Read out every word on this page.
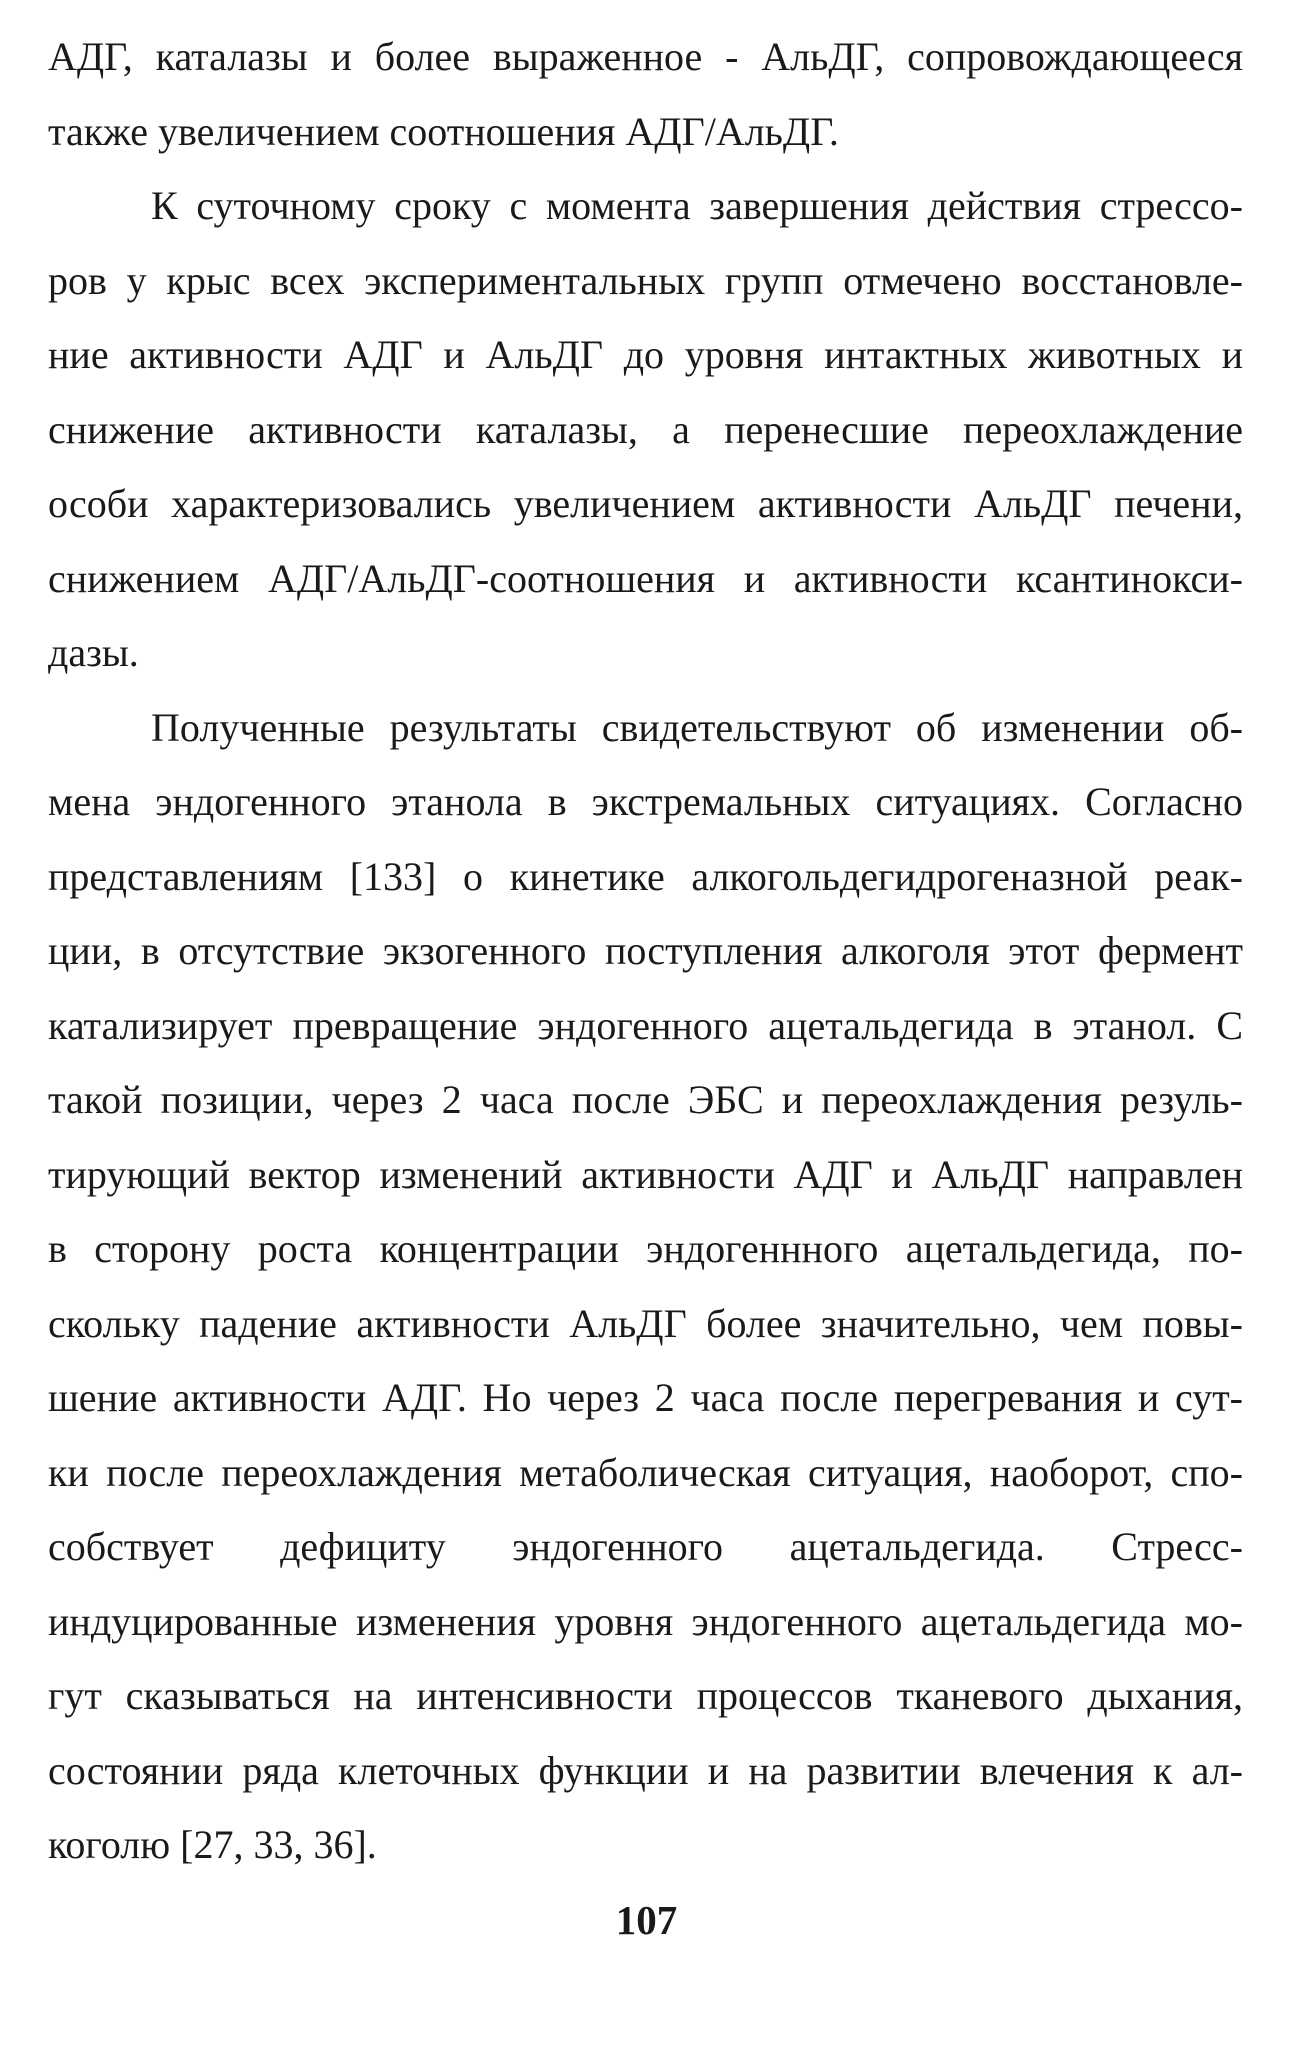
АДГ, каталазы и более выраженное - АльДГ, сопровождающееся
также увеличением соотношения АДГ/АльДГ.
К суточному сроку с момента завершения действия стрессо-
ров у крыс всех экспериментальных групп отмечено восстановле-
ние активности АДГ и АльДГ до уровня интактных животных и
снижение активности каталазы, а перенесшие переохлаждение
особи характеризовались увеличением активности АльДГ печени,
снижением АДГ/АльДГ-соотношения и активности ксантинокси-
дазы.
Полученные результаты свидетельствуют об изменении об-
мена эндогенного этанола в экстремальных ситуациях. Согласно
представлениям [133] о кинетике алкогольдегидрогеназной реак-
ции, в отсутствие экзогенного поступления алкоголя этот фермент
катализирует превращение эндогенного ацетальдегида в этанол. С
такой позиции, через 2 часа после ЭБС и переохлаждения резуль-
тирующий вектор изменений активности АДГ и АльДГ направлен
в сторону роста концентрации эндогеннного ацетальдегида, по-
скольку падение активности АльДГ более значительно, чем повы-
шение активности АДГ. Но через 2 часа после перегревания и сут-
ки после переохлаждения метаболическая ситуация, наоборот, спо-
собствует дефициту эндогенного ацетальдегида. Стресс-
индуцированные изменения уровня эндогенного ацетальдегида мо-
гут сказываться на интенсивности процессов тканевого дыхания,
состоянии ряда клеточных функции и на развитии влечения к ал-
коголю [27, 33, 36].
107
